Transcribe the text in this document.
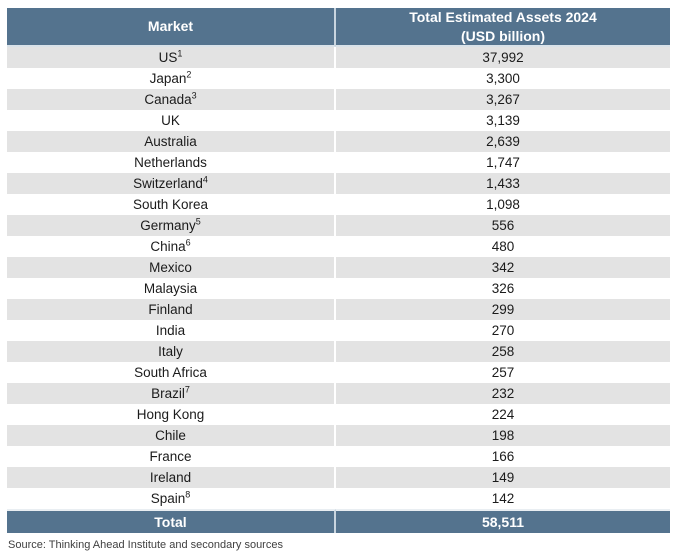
Market	Total Estimated Assets 2024
(USD billion)
$US^1$	37,992
Japan$^2$	3,300
Canada$^3$	3,267
UK	3,139
Australia	2,639
Netherlands	1,747
Switzerland$^4$	1,433
South Korea	1,098
Germany$^5$	556
China$^6$	480
Mexico	342
Malaysia	326
Finland	299
India	270
Italy	258
South Africa	257
Brazil$^7$	232
Hong Kong	224
Chile	198
France	166
Ireland	149
Spain$^8$	142
Total	58,511
Source: Thinking Ahead Institute and secondary sources
